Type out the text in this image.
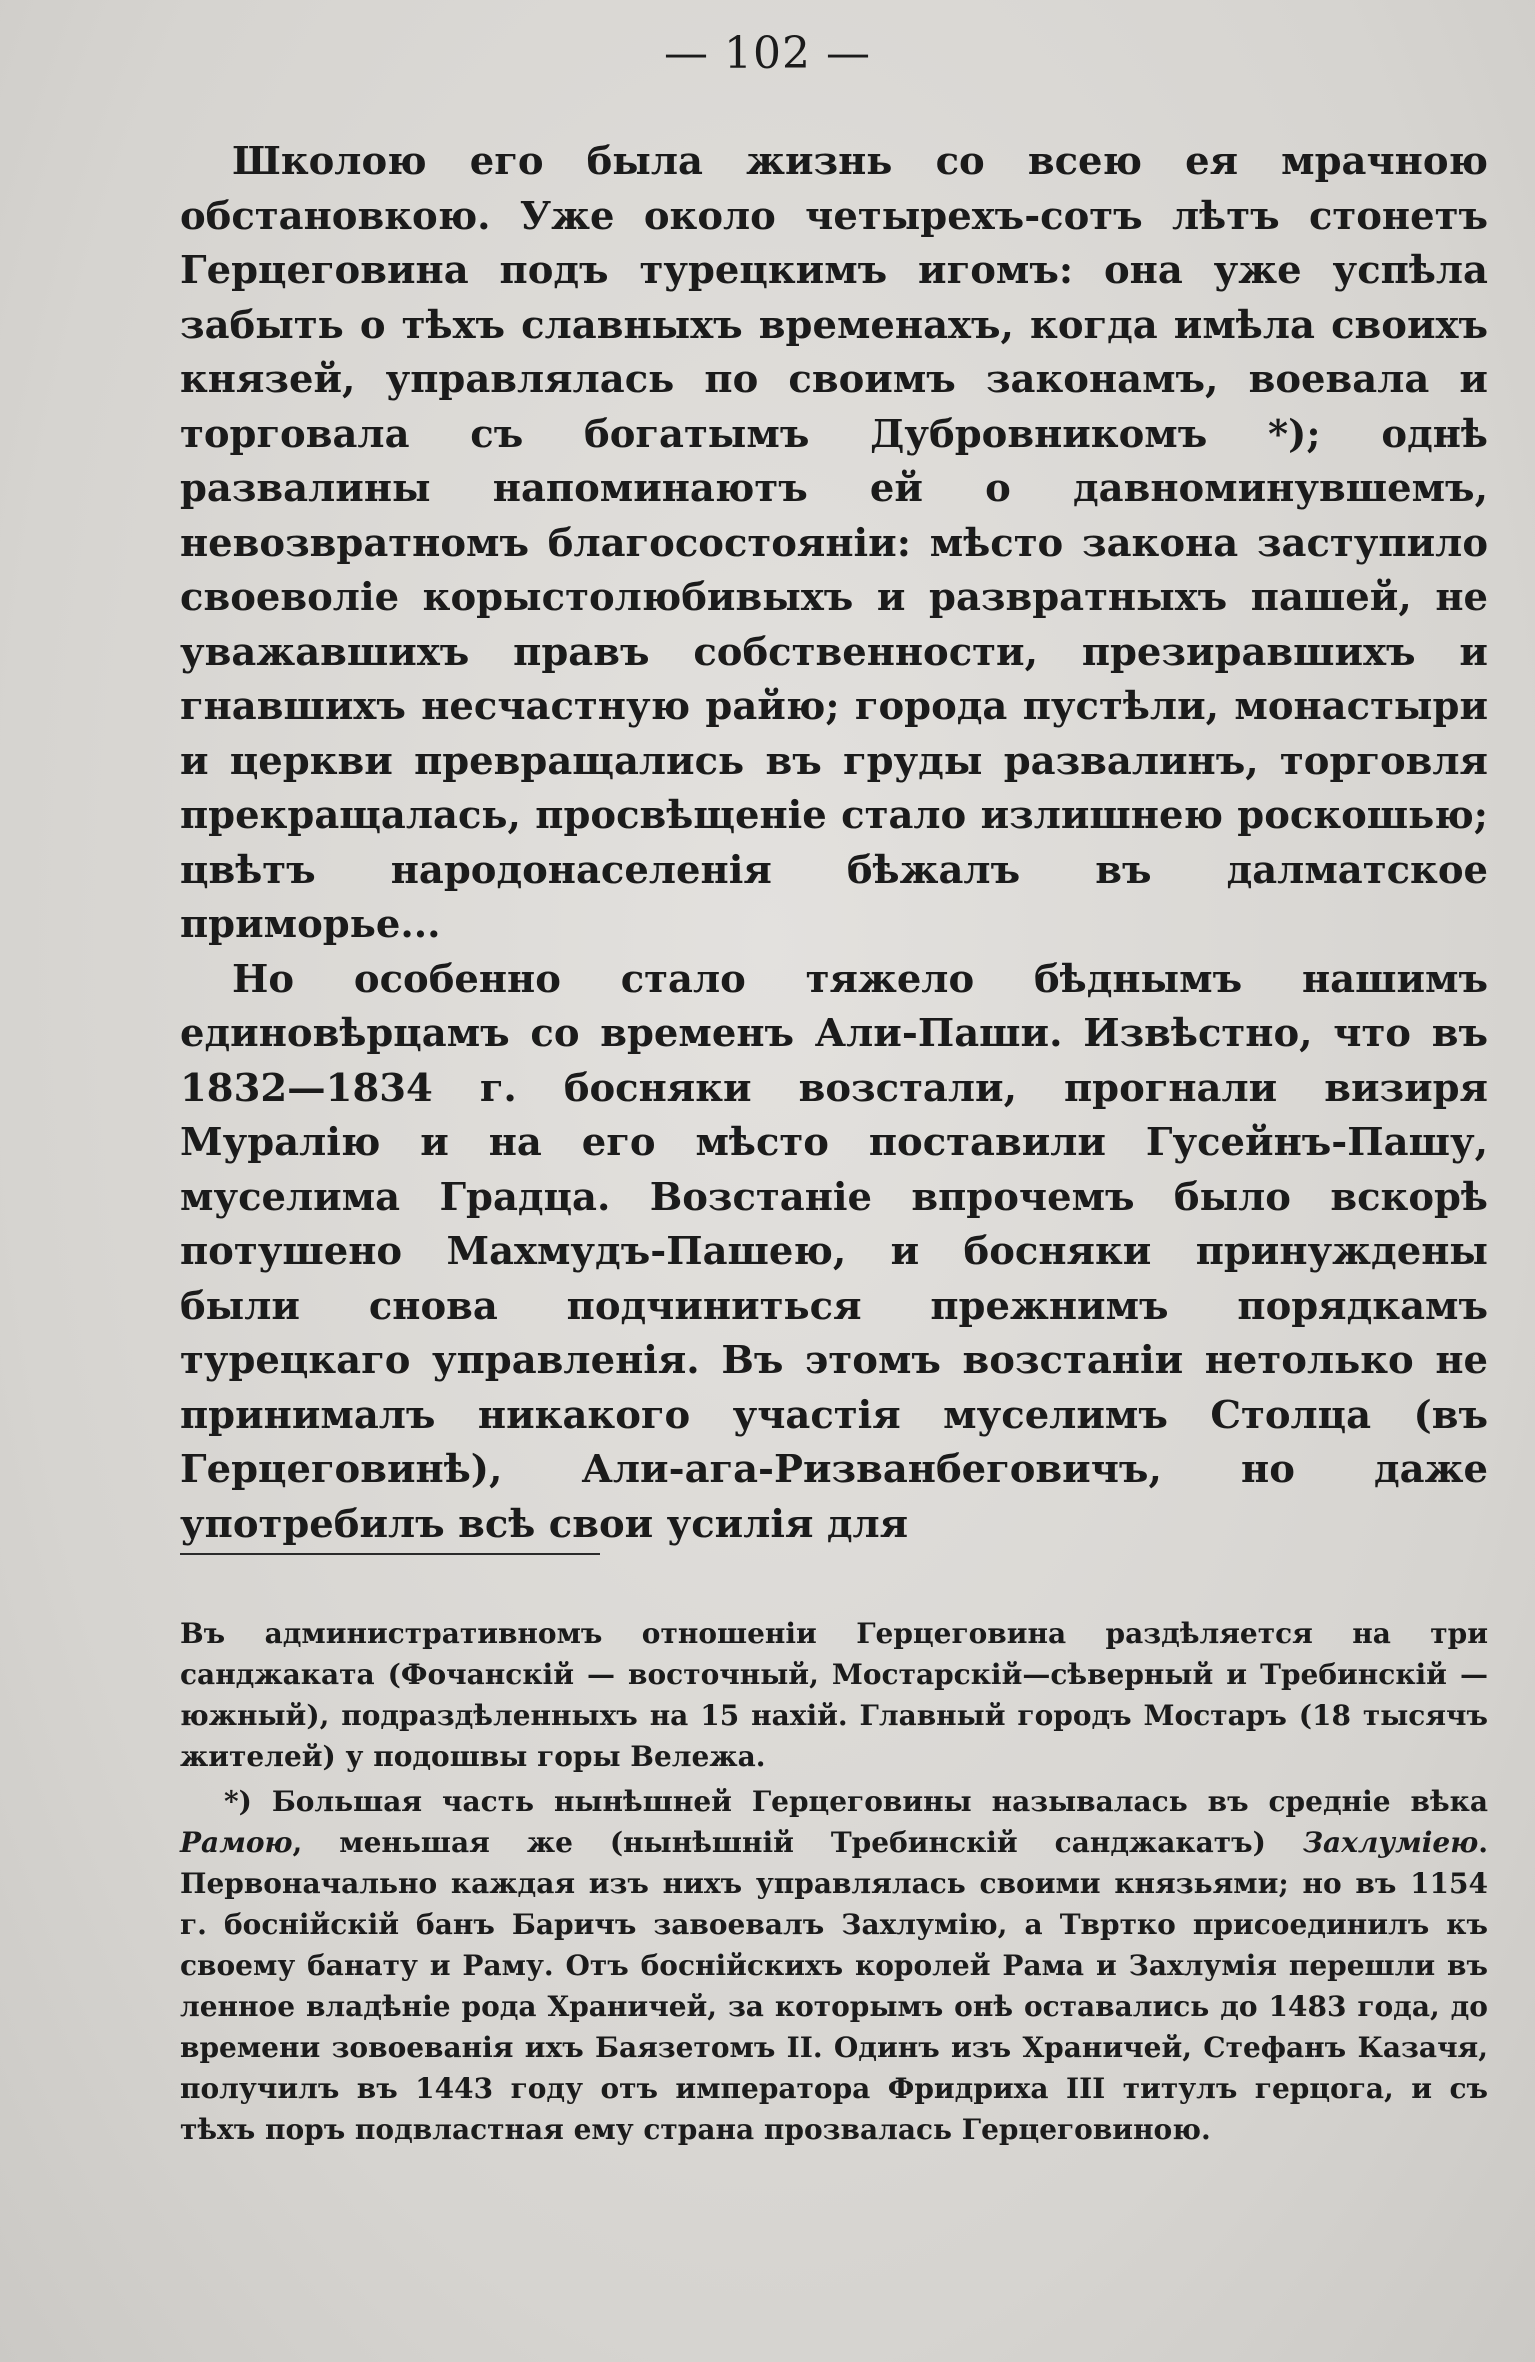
— 102 —

Школою его была жизнь со всею ея мрачною обстановкою. Уже около четырехъ-сотъ лѣтъ стонетъ Герцеговина подъ турецкимъ игомъ: она уже успѣла забыть о тѣхъ славныхъ временахъ, когда имѣла своихъ князей, управлялась по своимъ законамъ, воевала и торговала съ богатымъ Дубровникомъ *); однѣ развалины напоминаютъ ей о давноминувшемъ, невозвратномъ благосостояніи: мѣсто закона заступило своеволіе корыстолюбивыхъ и развратныхъ пашей, не уважавшихъ правъ собственности, презиравшихъ и гнавшихъ несчастную райю; города пустѣли, монастыри и церкви превращались въ груды развалинъ, торговля прекращалась, просвѣщеніе стало излишнею роскошью; цвѣтъ народонаселенія бѣжалъ въ далматское приморье...

Но особенно стало тяжело бѣднымъ нашимъ единовѣрцамъ со временъ Али-Паши. Извѣстно, что въ 1832—1834 г. босняки возстали, прогнали визиря Муралію и на его мѣсто поставили Гусейнъ-Пашу, муселима Градца. Возстаніе впрочемъ было вскорѣ потушено Махмудъ-Пашею, и босняки принуждены были снова подчиниться прежнимъ порядкамъ турецкаго управленія. Въ этомъ возстаніи нетолько не принималъ никакого участія муселимъ Столца (въ Герцеговинѣ), Али-ага-Ризванбеговичъ, но даже употребилъ всѣ свои усилія для

Въ административномъ отношеніи Герцеговина раздѣляется на три санджаката (Фочанскій — восточный, Мостарскій—сѣверный и Требинскій — южный), подраздѣленныхъ на 15 нахій. Главный городъ Мостаръ (18 тысячъ жителей) у подошвы горы Вележа.

*) Большая часть нынѣшней Герцеговины называлась въ средніе вѣка Рамою, меньшая же (нынѣшній Требинскій санджакатъ) Захлуміею. Первоначально каждая изъ нихъ управлялась своими князьями; но въ 1154 г. боснійскій банъ Баричъ завоевалъ Захлумію, а Твртко присоединилъ къ своему банату и Раму. Отъ боснійскихъ королей Рама и Захлумія перешли въ ленное владѣніе рода Храничей, за которымъ онѣ оставались до 1483 года, до времени зовоеванія ихъ Баязетомъ II. Одинъ изъ Храничей, Стефанъ Казачя, получилъ въ 1443 году отъ императора Фридриха III титулъ герцога, и съ тѣхъ поръ подвластная ему страна прозвалась Герцеговиною.
